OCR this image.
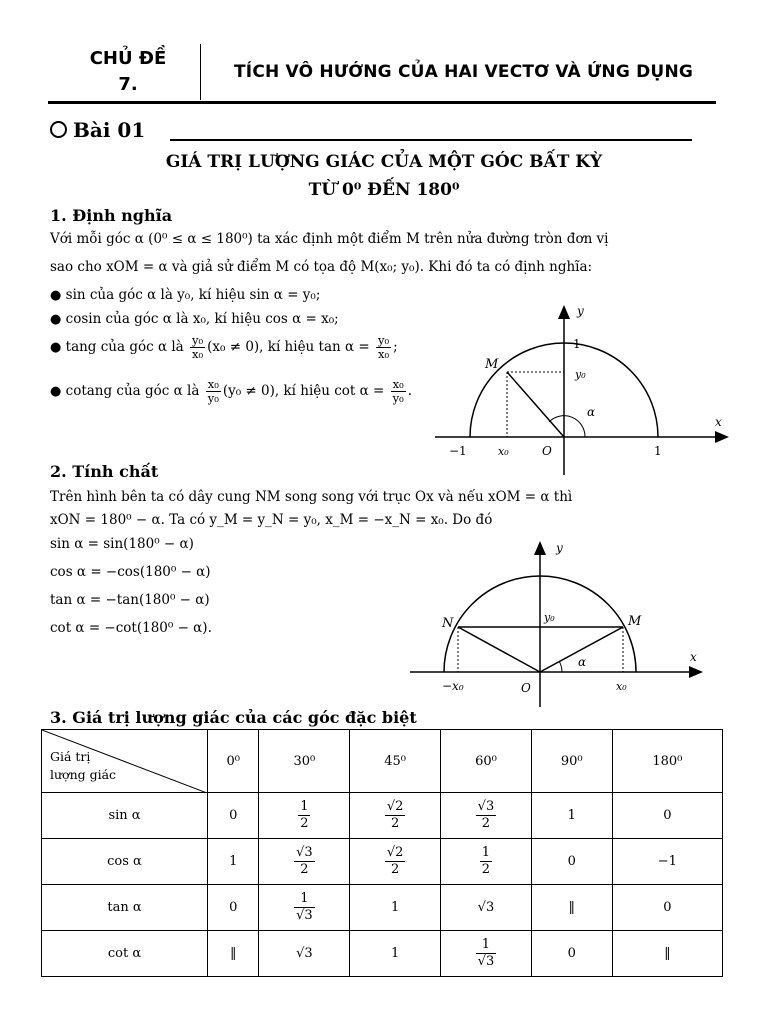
CHỦ ĐỀ 7.
TÍCH VÔ HƯỚNG CỦA HAI VECTƠ VÀ ỨNG DỤNG
Bài 01
GIÁ TRỊ LƯỢNG GIÁC CỦA MỘT GÓC BẤT KỲ
TỪ 0⁰ ĐẾN 180⁰
1. Định nghĩa
Với mỗi góc α (0⁰ ≤ α ≤ 180⁰) ta xác định một điểm M trên nửa đường tròn đơn vị
sao cho xOM = α và giả sử điểm M có tọa độ M(x₀; y₀). Khi đó ta có định nghĩa:
● sin của góc α là y₀, kí hiệu sin α = y₀;
● cosin của góc α là x₀, kí hiệu cos α = x₀;
● tang của góc α là $\frac{\text{y₀}}{\text{x₀}} (x_0 \ne 0)$, kí hiệu $\tan \alpha = \frac{\text{y₀}}{\text{x₀}}$ ;
● cotang của góc α là $\frac{\text{x₀}}{\text{y₀}} (y_0 \ne 0)$, kí hiệu $\cot \alpha = \frac{\text{x₀}}{\text{y₀}}$ .
y
x
1
y₀
M
α
−1	x₀	O	1
2. Tính chất
Trên hình bên ta có dây cung NM song song với trục Ox và nếu xOM = α thì
xON = 180⁰ − α. Ta có y_M = y_N = y₀, x_M = −x_N = x₀. Do đó
sin α = sin(180⁰ − α)
cos α = −cos(180⁰ − α)
tan α = −tan(180⁰ − α)
cot α = −cot(180⁰ − α).
y
x
N	M
y₀
α
−x₀	O	x₀
3. Giá trị lượng giác của các góc đặc biệt
Giá trị
lượng giác	0⁰	30⁰	45⁰	60⁰	90⁰	180⁰
sin α	0	$\frac{1}{2}$	$\frac{√2}{2}$	$\frac{√3}{2}$	1	0
cos α	1	$\frac{√3}{2}$	$\frac{√2}{2}$	$\frac{1}{2}$	0	−1
tan α	0	$\frac{1}{√3}$	1	√3	‖	0
cot α	‖	√3	1	$\frac{1}{√3}$	0	‖
